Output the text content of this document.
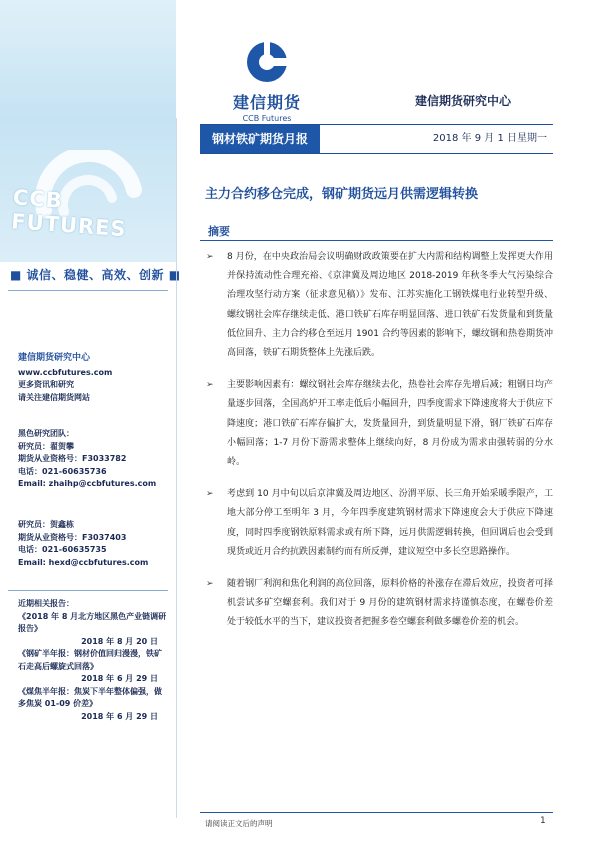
CCB FUTURES
■ 诚信、稳健、高效、创新 ■
建信期货研究中心
www.ccbfutures.com
更多资讯和研究
请关注建信期货网站
黑色研究团队：
研究员：翟贺攀
期货从业资格号：F3033782
电话：021-60635736
Email: zhaihp@ccbfutures.com
研究员：贺鑫栋
期货从业资格号：F3037403
电话：021-60635735
Email: hexd@ccbfutures.com
近期相关报告：
《2018 年 8 月北方地区黑色产业链调研报告》
2018 年 8 月 20 日
《钢矿半年报：钢材价值回归漫漫，铁矿石走高后螺旋式回落》
2018 年 6 月 29 日
《煤焦半年报：焦炭下半年整体偏强，做多焦炭 01-09 价差》
2018 年 6 月 29 日
建信期货
CCB Futures
建信期货研究中心
钢材铁矿期货月报	2018 年 9 月 1 日星期一
主力合约移仓完成，钢矿期货远月供需逻辑转换
摘要
➢ 8 月份，在中央政治局会议明确财政政策要在扩大内需和结构调整上发挥更大作用并保持流动性合理充裕、《京津冀及周边地区 2018-2019 年秋冬季大气污染综合治理攻坚行动方案（征求意见稿）》发布、江苏实施化工钢铁煤电行业转型升级、螺纹钢社会库存继续走低、港口铁矿石库存明显回落、进口铁矿石发货量和到货量低位回升、主力合约移仓至远月 1901 合约等因素的影响下，螺纹钢和热卷期货冲高回落，铁矿石期货整体上先涨后跌。
➢ 主要影响因素有：螺纹钢社会库存继续去化，热卷社会库存先增后减；粗钢日均产量逐步回落，全国高炉开工率走低后小幅回升，四季度需求下降速度将大于供应下降速度；港口铁矿石库存偏扩大，发货量回升，到货量明显下滑，钢厂铁矿石库存小幅回落；1-7 月份下游需求整体上继续向好，8 月份成为需求由强转弱的分水岭。
➢ 考虑到 10 月中旬以后京津冀及周边地区、汾渭平原、长三角开始采暖季限产，工地大部分停工至明年 3 月，今年四季度建筑钢材需求下降速度会大于供应下降速度，同时四季度钢铁原料需求或有所下降，远月供需逻辑转换，但回调后也会受到现货或近月合约抗跌因素制约而有所反弹，建议短空中多长空思路操作。
➢ 随着钢厂利润和焦化利润的高位回落，原料价格的补涨存在滞后效应，投资者可择机尝试多矿空螺套利。我们对于 9 月份的建筑钢材需求持谨慎态度，在螺卷价差处于较低水平的当下，建议投资者把握多卷空螺套利做多螺卷价差的机会。
请阅读正文后的声明	1
